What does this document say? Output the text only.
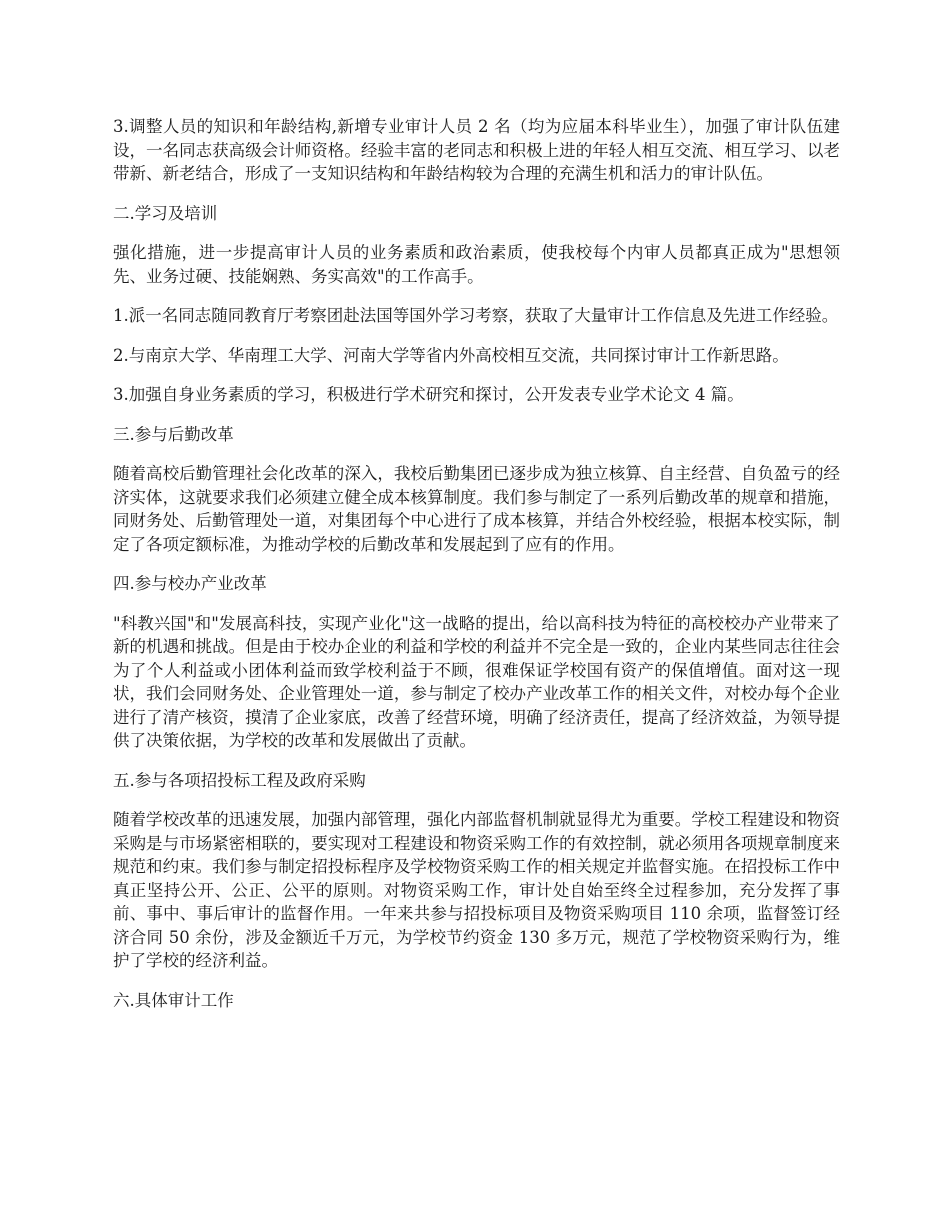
3.调整人员的知识和年龄结构,新增专业审计人员 2 名（均为应届本科毕业生），加强了审计队伍建设，一名同志获高级会计师资格。经验丰富的老同志和积极上进的年轻人相互交流、相互学习、以老带新、新老结合，形成了一支知识结构和年龄结构较为合理的充满生机和活力的审计队伍。

二.学习及培训

强化措施，进一步提高审计人员的业务素质和政治素质，使我校每个内审人员都真正成为"思想领先、业务过硬、技能娴熟、务实高效"的工作高手。

1.派一名同志随同教育厅考察团赴法国等国外学习考察，获取了大量审计工作信息及先进工作经验。

2.与南京大学、华南理工大学、河南大学等省内外高校相互交流，共同探讨审计工作新思路。

3.加强自身业务素质的学习，积极进行学术研究和探讨，公开发表专业学术论文 4 篇。

三.参与后勤改革

随着高校后勤管理社会化改革的深入，我校后勤集团已逐步成为独立核算、自主经营、自负盈亏的经济实体，这就要求我们必须建立健全成本核算制度。我们参与制定了一系列后勤改革的规章和措施，同财务处、后勤管理处一道，对集团每个中心进行了成本核算，并结合外校经验，根据本校实际，制定了各项定额标准，为推动学校的后勤改革和发展起到了应有的作用。

四.参与校办产业改革

"科教兴国"和"发展高科技，实现产业化"这一战略的提出，给以高科技为特征的高校校办产业带来了新的机遇和挑战。但是由于校办企业的利益和学校的利益并不完全是一致的，企业内某些同志往往会为了个人利益或小团体利益而致学校利益于不顾，很难保证学校国有资产的保值增值。面对这一现状，我们会同财务处、企业管理处一道，参与制定了校办产业改革工作的相关文件，对校办每个企业进行了清产核资，摸清了企业家底，改善了经营环境，明确了经济责任，提高了经济效益，为领导提供了决策依据，为学校的改革和发展做出了贡献。

五.参与各项招投标工程及政府采购

随着学校改革的迅速发展，加强内部管理，强化内部监督机制就显得尤为重要。学校工程建设和物资采购是与市场紧密相联的，要实现对工程建设和物资采购工作的有效控制，就必须用各项规章制度来规范和约束。我们参与制定招投标程序及学校物资采购工作的相关规定并监督实施。在招投标工作中真正坚持公开、公正、公平的原则。对物资采购工作，审计处自始至终全过程参加，充分发挥了事前、事中、事后审计的监督作用。一年来共参与招投标项目及物资采购项目 110 余项，监督签订经济合同 50 余份，涉及金额近千万元，为学校节约资金 130 多万元，规范了学校物资采购行为，维护了学校的经济利益。

六.具体审计工作
